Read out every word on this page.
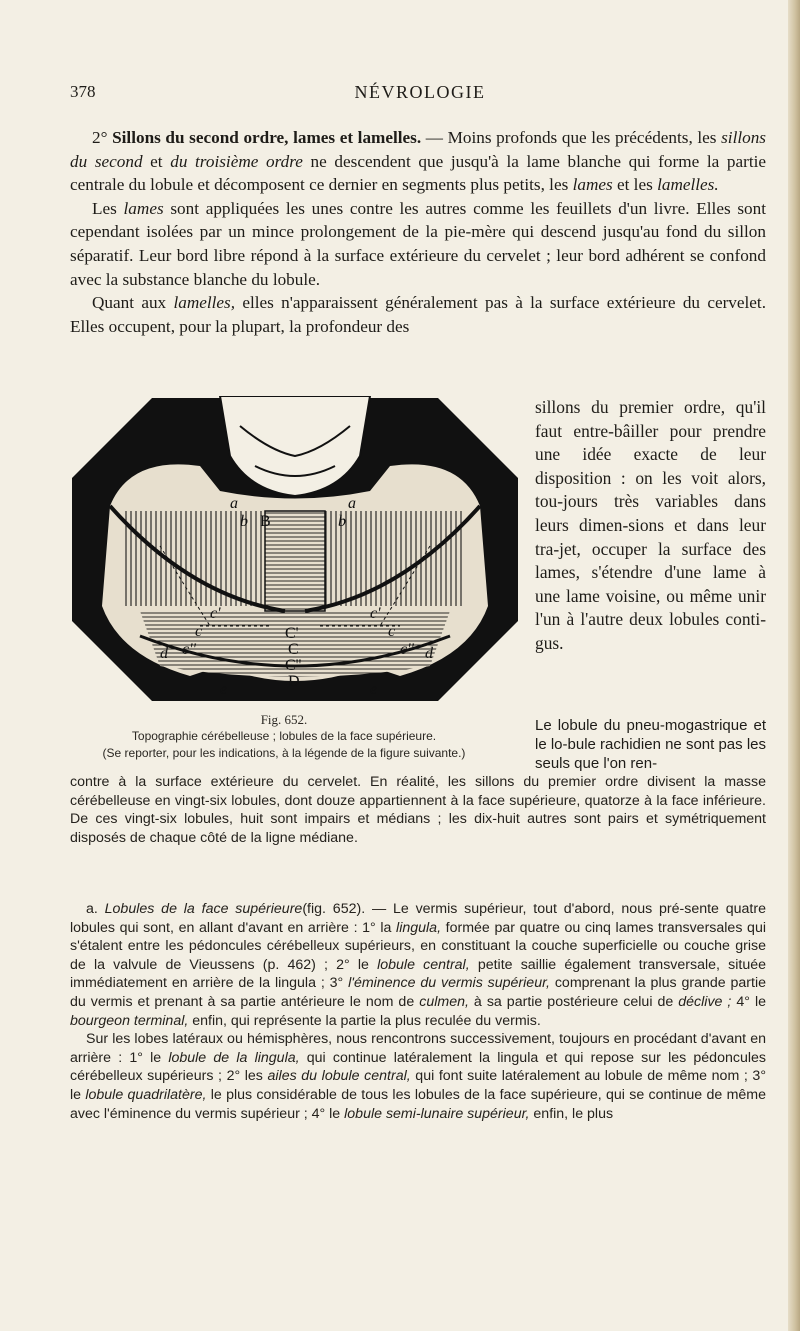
378	NÉVROLOGIE

2° Sillons du second ordre, lames et lamelles. — Moins profonds que les précédents, les sillons du second et du troisième ordre ne descendent que jusqu'à la lame blanche qui forme la partie centrale du lobule et décomposent ce dernier en segments plus petits, les lames et les lamelles.

Les lames sont appliquées les unes contre les autres comme les feuillets d'un livre. Elles sont cependant isolées par un mince prolongement de la pie-mère qui descend jusqu'au fond du sillon séparatif. Leur bord libre répond à la surface extérieure du cervelet ; leur bord adhérent se confond avec la substance blanche du lobule.

Quant aux lamelles, elles n'apparaissent généralement pas à la surface extérieure du cervelet. Elles occupent, pour la plupart, la profondeur des

sillons du premier ordre, qu'il faut entre-bâiller pour prendre une idée exacte de leur disposition : on les voit alors, tou-jours très variables dans leurs dimen-sions et dans leur tra-jet, occuper la surface des lames, s'étendre d'une lame à une lame voisine, ou même unir l'un à l'autre deux lobules conti-gus.

a	a
b B	b
c'
c
c''
C'
C
C''
c'
c
c''
d	d
D
e	e
Fig. 652.
Topographie cérébelleuse ; lobules de la face supérieure.
(Se reporter, pour les indications, à la légende de la figure suivante.)
Le lobule du pneu-mogastrique et le lo-bule rachidien ne sont pas les seuls que l'on ren-

contre à la surface extérieure du cervelet. En réalité, les sillons du premier ordre divisent la masse cérébelleuse en vingt-six lobules, dont douze appartiennent à la face supérieure, quatorze à la face inférieure. De ces vingt-six lobules, huit sont impairs et médians ; les dix-huit autres sont pairs et symétriquement disposés de chaque côté de la ligne médiane.

a. Lobules de la face supérieure(fig. 652). — Le vermis supérieur, tout d'abord, nous pré-sente quatre lobules qui sont, en allant d'avant en arrière : 1° la lingula, formée par quatre ou cinq lames transversales qui s'étalent entre les pédoncules cérébelleux supérieurs, en constituant la couche superficielle ou couche grise de la valvule de Vieussens (p. 462) ; 2° le lobule central, petite saillie également transversale, située immédiatement en arrière de la lingula ; 3° l'éminence du vermis supérieur, comprenant la plus grande partie du vermis et prenant à sa partie antérieure le nom de culmen, à sa partie postérieure celui de déclive ; 4° le bourgeon terminal, enfin, qui représente la partie la plus reculée du vermis.

Sur les lobes latéraux ou hémisphères, nous rencontrons successivement, toujours en procédant d'avant en arrière : 1° le lobule de la lingula, qui continue latéralement la lingula et qui repose sur les pédoncules cérébelleux supérieurs ; 2° les ailes du lobule central, qui font suite latéralement au lobule de même nom ; 3° le lobule quadrilatère, le plus considérable de tous les lobules de la face supérieure, qui se continue de même avec l'éminence du vermis supérieur ; 4° le lobule semi-lunaire supérieur, enfin, le plus
